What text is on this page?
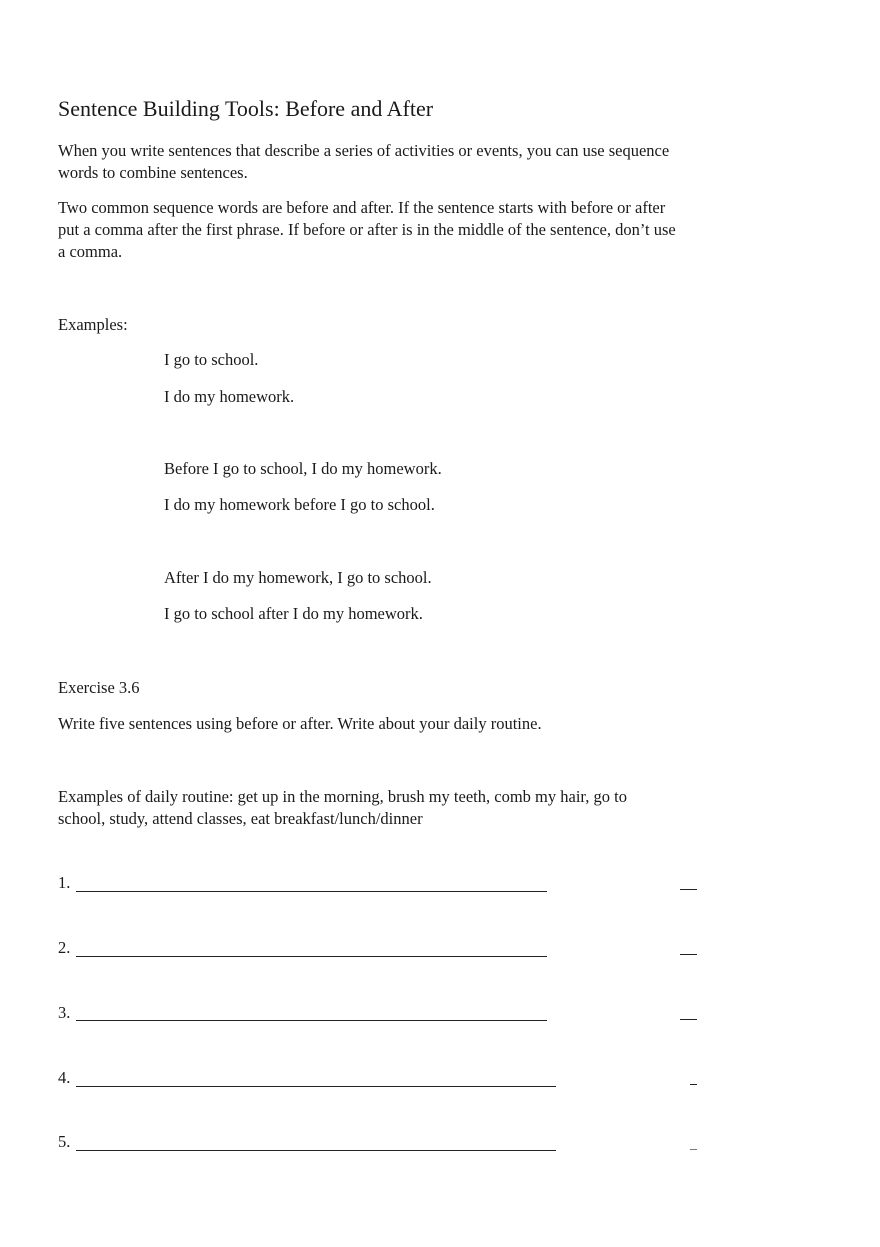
Sentence Building Tools: Before and After
When you write sentences that describe a series of activities or events, you can use sequence words to combine sentences.
Two common sequence words are before and after. If the sentence starts with before or after put a comma after the first phrase. If before or after is in the middle of the sentence, don’t use a comma.
Examples:
I go to school.
I do my homework.
Before I go to school, I do my homework.
I do my homework before I go to school.
After I do my homework, I go to school.
I go to school after I do my homework.
Exercise 3.6
Write five sentences using before or after. Write about your daily routine.
Examples of daily routine: get up in the morning, brush my teeth, comb my hair, go to school, study, attend classes, eat breakfast/lunch/dinner
1.
2.
3.
4.
5.
